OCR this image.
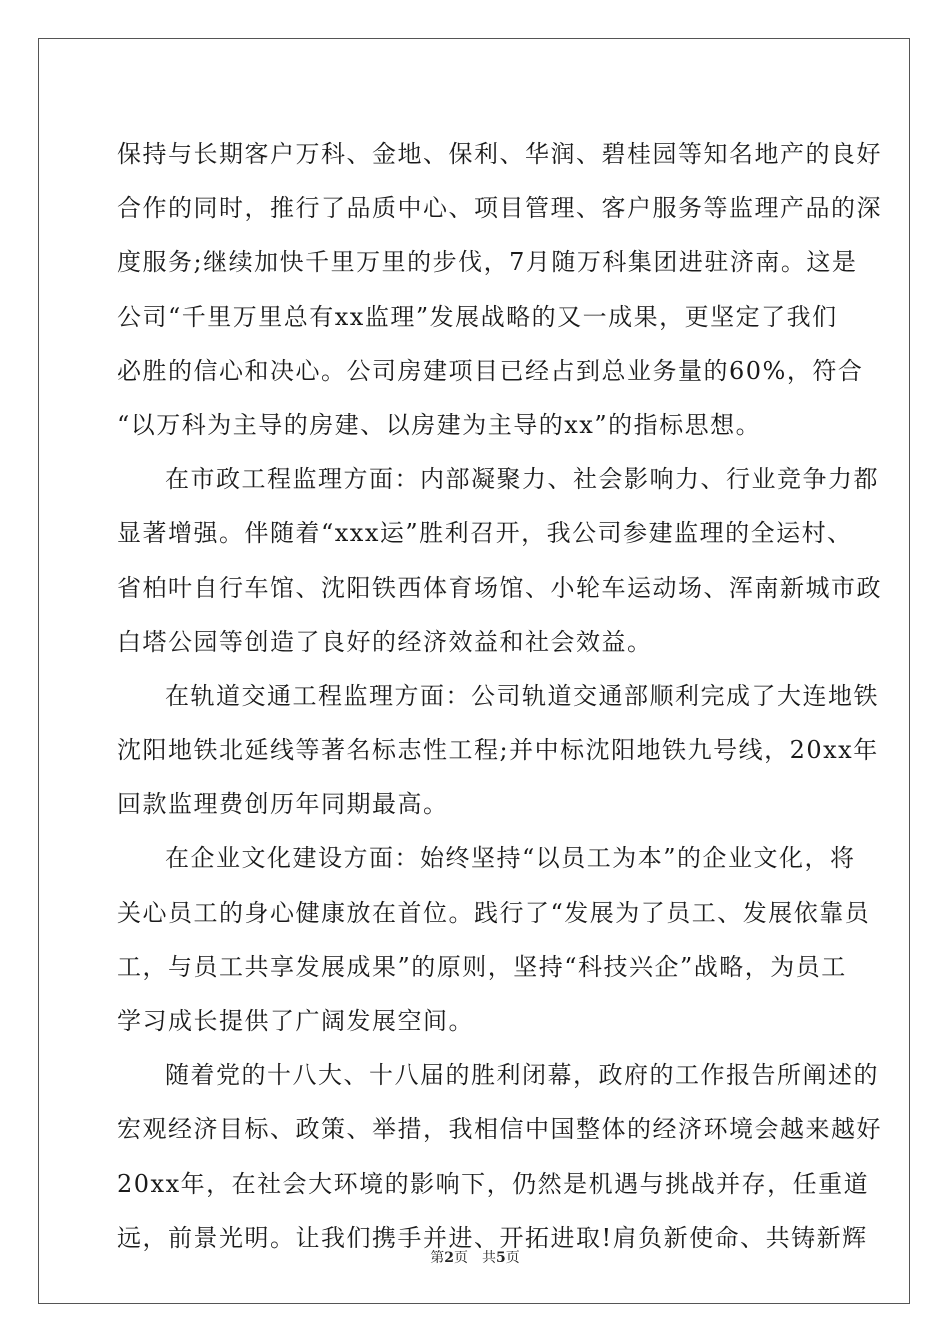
保持与长期客户万科、金地、保利、华润、碧桂园等知名地产的良好
合作的同时，推行了品质中心、项目管理、客户服务等监理产品的深
度服务;继续加快千里万里的步伐，7月随万科集团进驻济南。这是
公司“千里万里总有xx监理”发展战略的又一成果，更坚定了我们
必胜的信心和决心。公司房建项目已经占到总业务量的60%，符合
“以万科为主导的房建、以房建为主导的xx”的指标思想。
在市政工程监理方面：内部凝聚力、社会影响力、行业竞争力都
显著增强。伴随着“xxx运”胜利召开，我公司参建监理的全运村、
省柏叶自行车馆、沈阳铁西体育场馆、小轮车运动场、浑南新城市政
白塔公园等创造了良好的经济效益和社会效益。
在轨道交通工程监理方面：公司轨道交通部顺利完成了大连地铁
沈阳地铁北延线等著名标志性工程;并中标沈阳地铁九号线，20xx年
回款监理费创历年同期最高。
在企业文化建设方面：始终坚持“以员工为本”的企业文化，将
关心员工的身心健康放在首位。践行了“发展为了员工、发展依靠员
工，与员工共享发展成果”的原则，坚持“科技兴企”战略，为员工
学习成长提供了广阔发展空间。
随着党的十八大、十八届的胜利闭幕，政府的工作报告所阐述的
宏观经济目标、政策、举措，我相信中国整体的经济环境会越来越好
20xx年，在社会大环境的影响下，仍然是机遇与挑战并存，任重道
远，前景光明。让我们携手并进、开拓进取!肩负新使命、共铸新辉
第2页 共5页
